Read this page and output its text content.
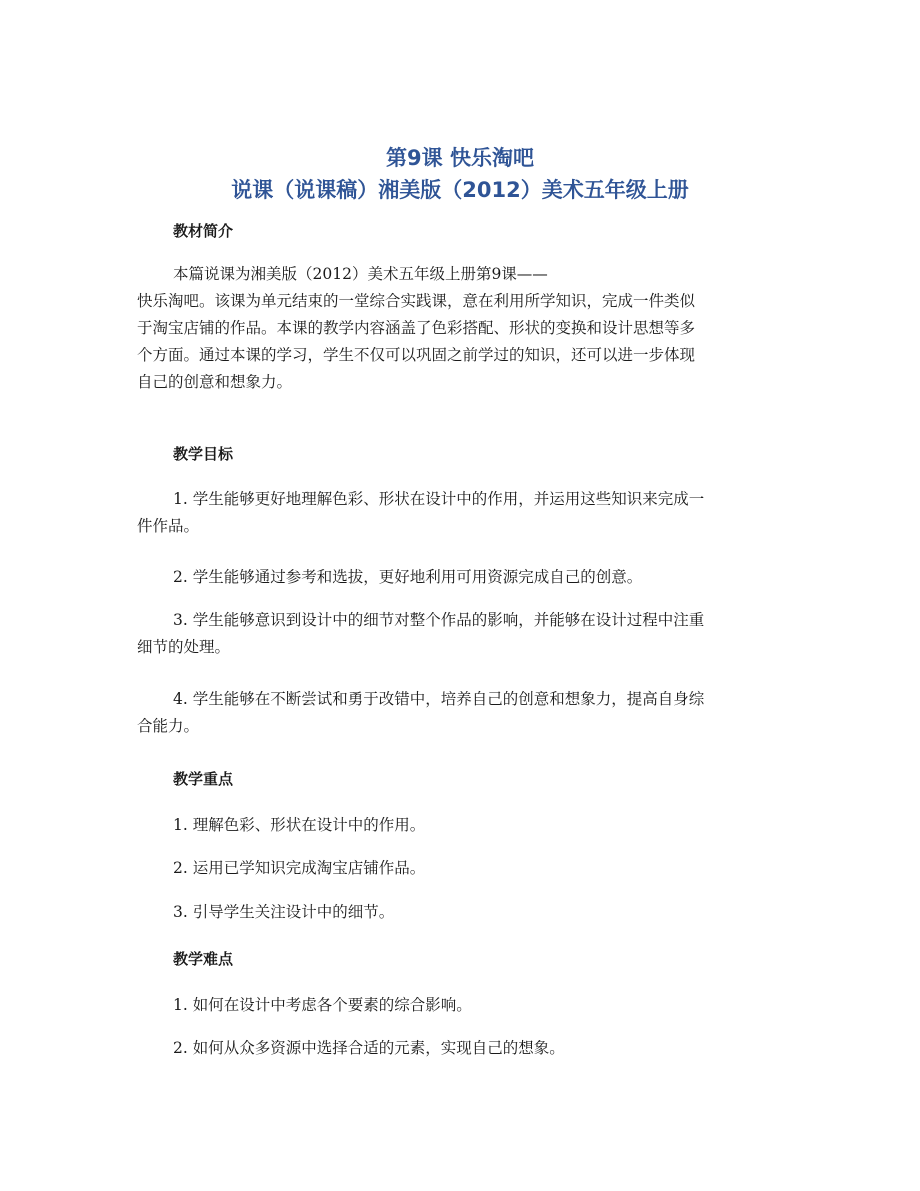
第9课 快乐淘吧
说课（说课稿）湘美版（2012）美术五年级上册
教材简介
本篇说课为湘美版（2012）美术五年级上册第9课——
快乐淘吧。该课为单元结束的一堂综合实践课，意在利用所学知识，完成一件类似
于淘宝店铺的作品。本课的教学内容涵盖了色彩搭配、形状的变换和设计思想等多
个方面。通过本课的学习，学生不仅可以巩固之前学过的知识，还可以进一步体现
自己的创意和想象力。
教学目标
1. 学生能够更好地理解色彩、形状在设计中的作用，并运用这些知识来完成一
件作品。
2. 学生能够通过参考和选拔，更好地利用可用资源完成自己的创意。
3. 学生能够意识到设计中的细节对整个作品的影响，并能够在设计过程中注重
细节的处理。
4. 学生能够在不断尝试和勇于改错中，培养自己的创意和想象力，提高自身综
合能力。
教学重点
1. 理解色彩、形状在设计中的作用。
2. 运用已学知识完成淘宝店铺作品。
3. 引导学生关注设计中的细节。
教学难点
1. 如何在设计中考虑各个要素的综合影响。
2. 如何从众多资源中选择合适的元素，实现自己的想象。
